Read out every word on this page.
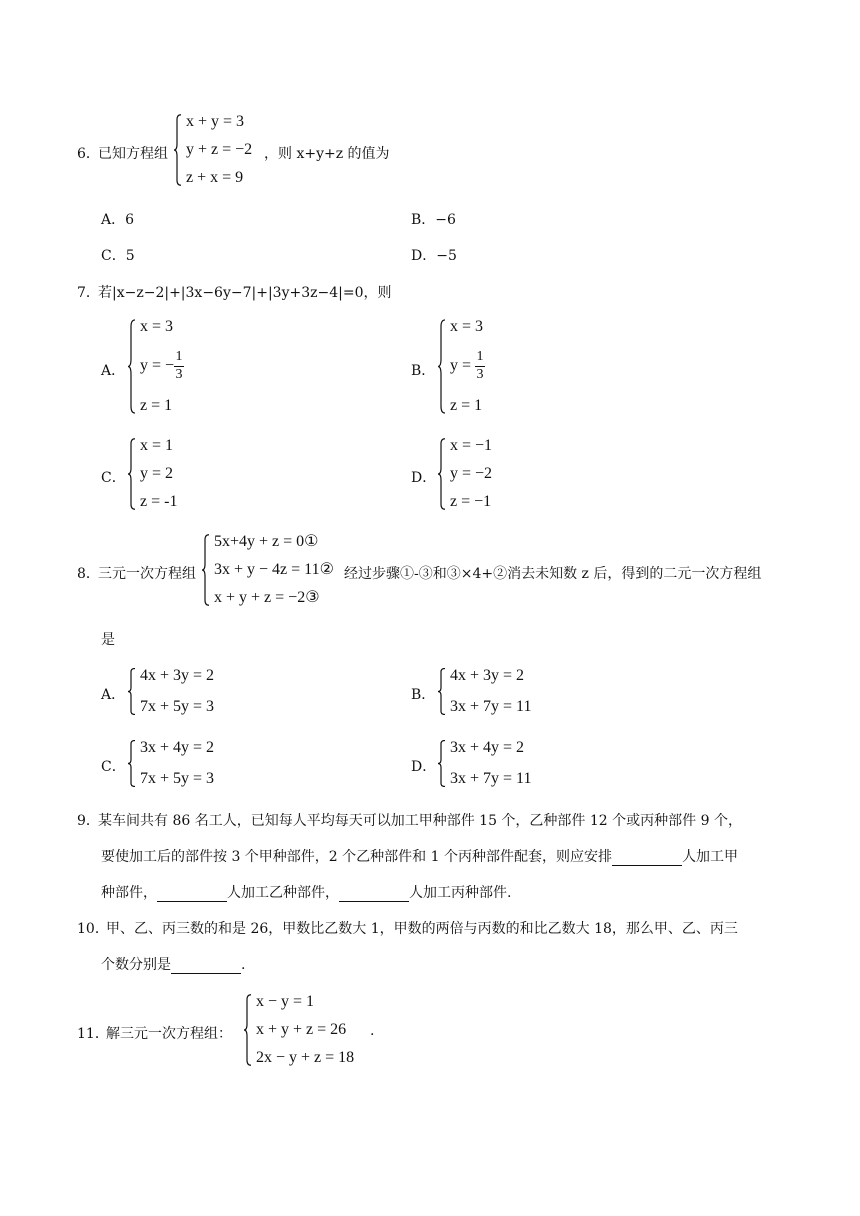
6．
已知方程组
x + y = 3
y + z = −2
z + x = 9
，则 x+y+z 的值为
A．6	B．−6
C．5	D．−5
7．
若|x−z−2|+|3x−6y−7|+|3y+3z−4|=0，则
A．
x = 3
y = − $\frac{1}{3}$
z = 1
B．
x = 3
$y = \frac{1}{3}$
z = 1
C．
x = 1
y = 2
z = -1
D．
x = −1
y = −2
z = −1
8．
三元一次方程组
5x+4y + z = 0①
3x + y − 4z = 11②
x + y + z = −2③
经过步骤①-③和③×4+②消去未知数 z 后，得到的二元一次方程组
是
A．
4x + 3y = 2
7x + 5y = 3
B．
4x + 3y = 2
3x + 7y = 11
C．
3x + 4y = 2
7x + 5y = 3
D．
3x + 4y = 2
3x + 7y = 11
9．
某车间共有 86 名工人，已知每人平均每天可以加工甲种部件 15 个，乙种部件 12 个或丙种部件 9 个，
要使加工后的部件按 3 个甲种部件，2 个乙种部件和 1 个丙种部件配套，则应安排	人加工甲
种部件，	人加工乙种部件，	人加工丙种部件.
10．
甲、乙、丙三数的和是 26，甲数比乙数大 1，甲数的两倍与丙数的和比乙数大 18，那么甲、乙、丙三
个数分别是	.
11．
解三元一次方程组：
x − y = 1
x + y + z = 26
2x − y + z = 18
.
